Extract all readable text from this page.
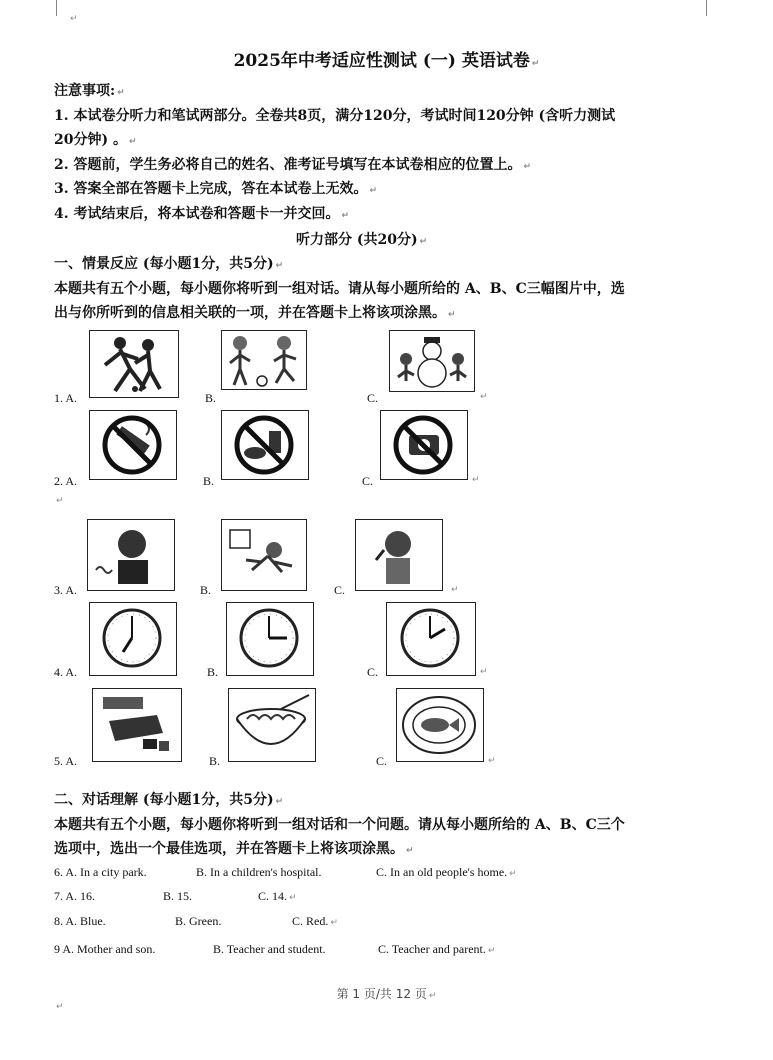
↵
2025年中考适应性测试 (一) 英语试卷 ↵
注意事项: ↵
1. 本试卷分听力和笔试两部分。全卷共8页，满分120分，考试时间120分钟 (含听力测试
20分钟) 。 ↵
2. 答题前，学生务必将自己的姓名、准考证号填写在本试卷相应的位置上。 ↵
3. 答案全部在答题卡上完成，答在本试卷上无效。 ↵
4. 考试结束后，将本试卷和答题卡一并交回。 ↵
听力部分 (共20分) ↵
一、情景反应 (每小题1分，共5分) ↵
本题共有五个小题，每小题你将听到一组对话。请从每小题所给的 A、B、C三幅图片中，选
出与你所听到的信息相关联的一项，并在答题卡上将该项涂黑。 ↵
1. A.	B.	C.	↵
2. A.	B.	C.	↵
↵
3. A.	B.	C.	↵
4. A.	B.	C.	↵
5. A.	B.	C.	↵
二、对话理解 (每小题1分，共5分) ↵
本题共有五个小题，每小题你将听到一组对话和一个问题。请从每小题所给的 A、B、C三个
选项中，选出一个最佳选项，并在答题卡上将该项涂黑。 ↵
6. A. In a city park.	B. In a children's hospital.	C. In an old people's home. ↵
7. A. 16.	B. 15.	C. 14. ↵
8. A. Blue.	B. Green.	C. Red. ↵
9 A. Mother and son.	B. Teacher and student.	C. Teacher and parent. ↵
第 1 页/共 12 页 ↵
↵
